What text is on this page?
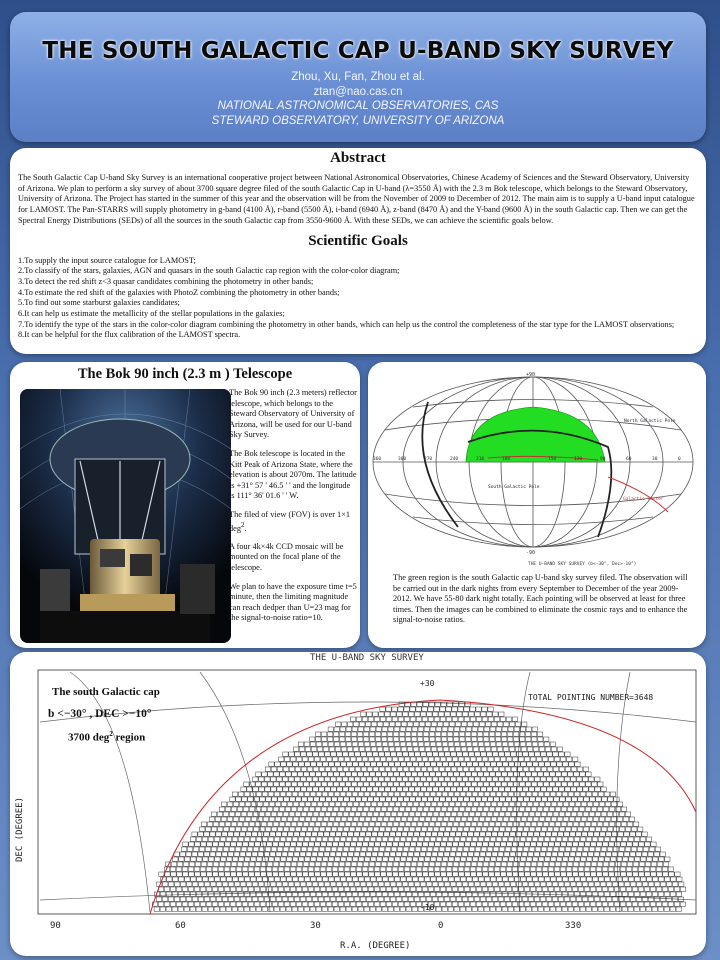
THE SOUTH GALACTIC CAP U-BAND SKY SURVEY
Zhou, Xu, Fan, Zhou et al.
ztan@nao.cas.cn
NATIONAL ASTRONOMICAL OBSERVATORIES, CAS
STEWARD OBSERVATORY, UNIVERSITY OF ARIZONA
Abstract

The South Galactic Cap U-band Sky Survey is an international cooperative project between National Astronomical Observatories, Chinese Academy of Sciences and the Steward Observatory, University of Arizona. We plan to perform a sky survey of about 3700 square degree filed of the south Galactic Cap in U-band (λ=3550 Å) with the 2.3 m Bok telescope, which belongs to the Steward Observatory, University of Arizona. The Project has started in the summer of this year and the observation will be from the November of 2009 to December of 2012. The main aim is to supply a U-band input catalogue for LAMOST. The Pan-STARRS will supply photometry in g-band (4100 Å), r-band (5500 Å), i-band (6940 Å), z-band (8470 Å) and the Y-band (9600 Å) in the south Galactic cap. Then we can get the Spectral Energy Distributions (SEDs) of all the sources in the south Galactic cap from 3550-9600 Å. With these SEDs, we can achieve the scientific goals below.

Scientific Goals
1.To supply the input source catalogue for LAMOST;
2.To classify of the stars, galaxies, AGN and quasars in the south Galactic cap region with the color-color diagram;
3.To detect the red shift z<3 quasar candidates combining the photometry in other bands;
4.To estimate the red shift of the galaxies with PhotoZ combining the photometry in other bands;
5.To find out some starburst galaxies candidates;
6.It can help us estimate the metallicity of the stellar populations in the galaxies;
7.To identify the type of the stars in the color-color diagram combining the photometry in other bands, which can help us the control the completeness of the star type for the LAMOST observations;
8.It can be helpful for the flux calibration of the LAMOST spectra.
The Bok 90 inch (2.3 m ) Telescope

The Bok 90 inch (2.3 meters) reflector telescope, which belongs to the Steward Observatory of University of Arizona, will be used for our U-band Sky Survey.

The Bok telescope is located in the Kitt Peak of Arizona State, where the elevation is about 2070m. The latitude is +31° 57 ' 46.5 ' ' and the longitude is 111° 36' 01.6 ' ' W.

The filed of view (FOV) is over 1×1 deg$^2$.

A four 4k×4k CCD mosaic will be mounted on the focal plane of the telescope.

We plan to have the exposure time t=5 minute, then the limiting magnitude can reach dedper than U=23 mag for the signal-to-noise ratio=10.

+90
-90
North Galactic Pole
South Galactic Pole
Galactic Center
THE U-BAND SKY SURVEY (b<-30°, Dec>-10°)
360	300	270	240	210	180	150	120	90	60	30	0
The green region is the south Galactic cap U-band sky survey filed. The observation will be carried out in the dark nights from every September to December of the year 2009-2012. We have 55-80 dark night totally. Each pointing will be observed at least for three times. Then the images can be combined to eliminate the cosmic rays and to enhance the signal-to-noise ratios.
THE U-BAND SKY SURVEY
+30
-10
TOTAL POINTING NUMBER=3648
90	60	30	0	330
R.A. (DEGREE)
DEC (DEGREE)
The south Galactic cap
b <−30° , DEC >−10°
3700 deg$^2$ region
